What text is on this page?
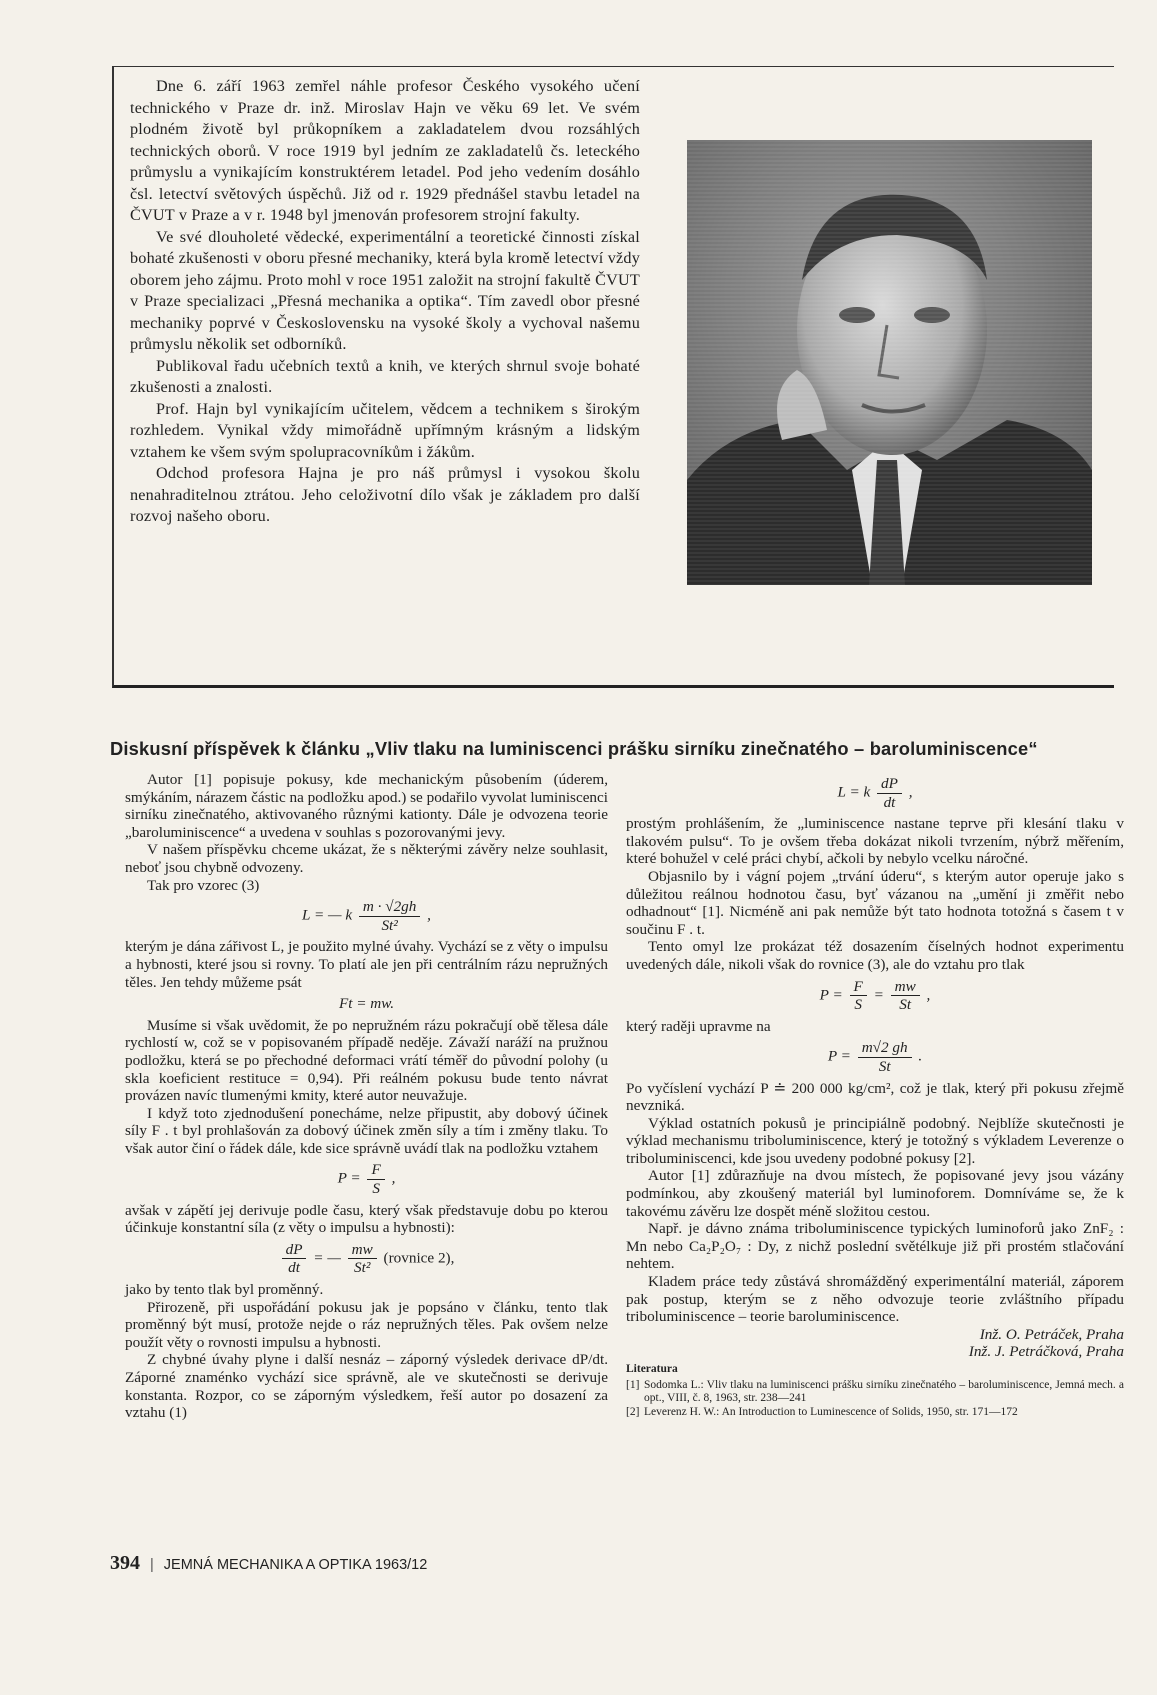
Dne 6. září 1963 zemřel náhle profesor Českého vysokého učení technického v Praze dr. inž. Miroslav Hajn ve věku 69 let. Ve svém plodném životě byl průkopníkem a zakladatelem dvou rozsáhlých technických oborů. V roce 1919 byl jedním ze zakladatelů čs. leteckého průmyslu a vynikajícím konstruktérem letadel. Pod jeho vedením dosáhlo čsl. letectví světových úspěchů. Již od r. 1929 přednášel stavbu letadel na ČVUT v Praze a v r. 1948 byl jmenován profesorem strojní fakulty.

Ve své dlouholeté vědecké, experimentální a teoretické činnosti získal bohaté zkušenosti v oboru přesné mechaniky, která byla kromě letectví vždy oborem jeho zájmu. Proto mohl v roce 1951 založit na strojní fakultě ČVUT v Praze specializaci „Přesná mechanika a optika“. Tím zavedl obor přesné mechaniky poprvé v Československu na vysoké školy a vychoval našemu průmyslu několik set odborníků.

Publikoval řadu učebních textů a knih, ve kterých shrnul svoje bohaté zkušenosti a znalosti.

Prof. Hajn byl vynikajícím učitelem, vědcem a technikem s širokým rozhledem. Vynikal vždy mimořádně upřímným krásným a lidským vztahem ke všem svým spolupracovníkům i žákům.

Odchod profesora Hajna je pro náš průmysl i vysokou školu nenahraditelnou ztrátou. Jeho celoživotní dílo však je základem pro další rozvoj našeho oboru.

Diskusní příspěvek k článku „Vliv tlaku na luminiscenci prášku sirníku zinečnatého – baroluminiscence“

Autor [1] popisuje pokusy, kde mechanickým působením (úderem, smýkáním, nárazem částic na podložku apod.) se podařilo vyvolat luminiscenci sirníku zinečnatého, aktivovaného různými kationty. Dále je odvozena teorie „baroluminiscence“ a uvedena v souhlas s pozorovanými jevy.

V našem příspěvku chceme ukázat, že s některými závěry nelze souhlasit, neboť jsou chybně odvozeny.

Tak pro vzorec (3)

L = — k $\frac{m \cdot √2gh}{\text{St²}}$ ,

kterým je dána zářivost L, je použito mylné úvahy. Vychází se z věty o impulsu a hybnosti, které jsou si rovny. To platí ale jen při centrálním rázu nepružných těles. Jen tehdy můžeme psát

Ft = mw.

Musíme si však uvědomit, že po nepružném rázu pokračují obě tělesa dále rychlostí w, což se v popisovaném případě neděje. Závaží naráží na pružnou podložku, která se po přechodné deformaci vrátí téměř do původní polohy (u skla koeficient restituce = 0,94). Při reálném pokusu bude tento návrat provázen navíc tlumenými kmity, které autor neuvažuje.

I když toto zjednodušení ponecháme, nelze připustit, aby dobový účinek síly F . t byl prohlašován za dobový účinek změn síly a tím i změny tlaku. To však autor činí o řádek dále, kde sice správně uvádí tlak na podložku vztahem

$P = \frac{F}{S}$ ,

avšak v zápětí jej derivuje podle času, který však představuje dobu po kterou účinkuje konstantní síla (z věty o impulsu a hybnosti):

$\frac{dP}{dt}$ = — $\frac{mw}{\text{St²}}$ (rovnice 2),

jako by tento tlak byl proměnný.

Přirozeně, při uspořádání pokusu jak je popsáno v článku, tento tlak proměnný být musí, protože nejde o ráz nepružných těles. Pak ovšem nelze použít věty o rovnosti impulsu a hybnosti.

Z chybné úvahy plyne i další nesnáz – záporný výsledek derivace dP/dt. Záporné znaménko vychází sice správně, ale ve skutečnosti se derivuje konstanta. Rozpor, co se záporným výsledkem, řeší autor po dosazení za vztahu (1)

L = k $\frac{dP}{dt}$ ,

prostým prohlášením, že „luminiscence nastane teprve při klesání tlaku v tlakovém pulsu“. To je ovšem třeba dokázat nikoli tvrzením, nýbrž měřením, které bohužel v celé práci chybí, ačkoli by nebylo vcelku náročné.

Objasnilo by i vágní pojem „trvání úderu“, s kterým autor operuje jako s důležitou reálnou hodnotou času, byť vázanou na „umění ji změřit nebo odhadnout“ [1]. Nicméně ani pak nemůže být tato hodnota totožná s časem t v součinu F . t.

Tento omyl lze prokázat též dosazením číselných hodnot experimentu uvedených dále, nikoli však do rovnice (3), ale do vztahu pro tlak

$P = \frac{F}{S} = \frac{mw}{St}$ ,

který raději upravme na

$P = \frac{m√2 gh}{St}$ .

Po vyčíslení vychází P ≐ 200 000 kg/cm², což je tlak, který při pokusu zřejmě nevzniká.

Výklad ostatních pokusů je principiálně podobný. Nejblíže skutečnosti je výklad mechanismu triboluminiscence, který je totožný s výkladem Leverenze o triboluminiscenci, kde jsou uvedeny podobné pokusy [2].

Autor [1] zdůrazňuje na dvou místech, že popisované jevy jsou vázány podmínkou, aby zkoušený materiál byl luminoforem. Domníváme se, že k takovému závěru lze dospět méně složitou cestou.

Např. je dávno známa triboluminiscence typických luminoforů jako ZnF₂ : Mn nebo Ca₂P₂O₇ : Dy, z nichž poslední světélkuje již při prostém stlačování nehtem.

Kladem práce tedy zůstává shromážděný experimentální materiál, záporem pak postup, kterým se z něho odvozuje teorie zvláštního případu triboluminiscence – teorie baroluminiscence.

Inž. O. Petráček, Praha

Inž. J. Petráčková, Praha

Literatura

[1] Sodomka L.: Vliv tlaku na luminiscenci prášku sirníku zinečnatého – baroluminiscence, Jemná mech. a opt., VIII, č. 8, 1963, str. 238—241

[2] Leverenz H. W.: An Introduction to Luminescence of Solids, 1950, str. 171—172

394 | JEMNÁ MECHANIKA A OPTIKA 1963/12
